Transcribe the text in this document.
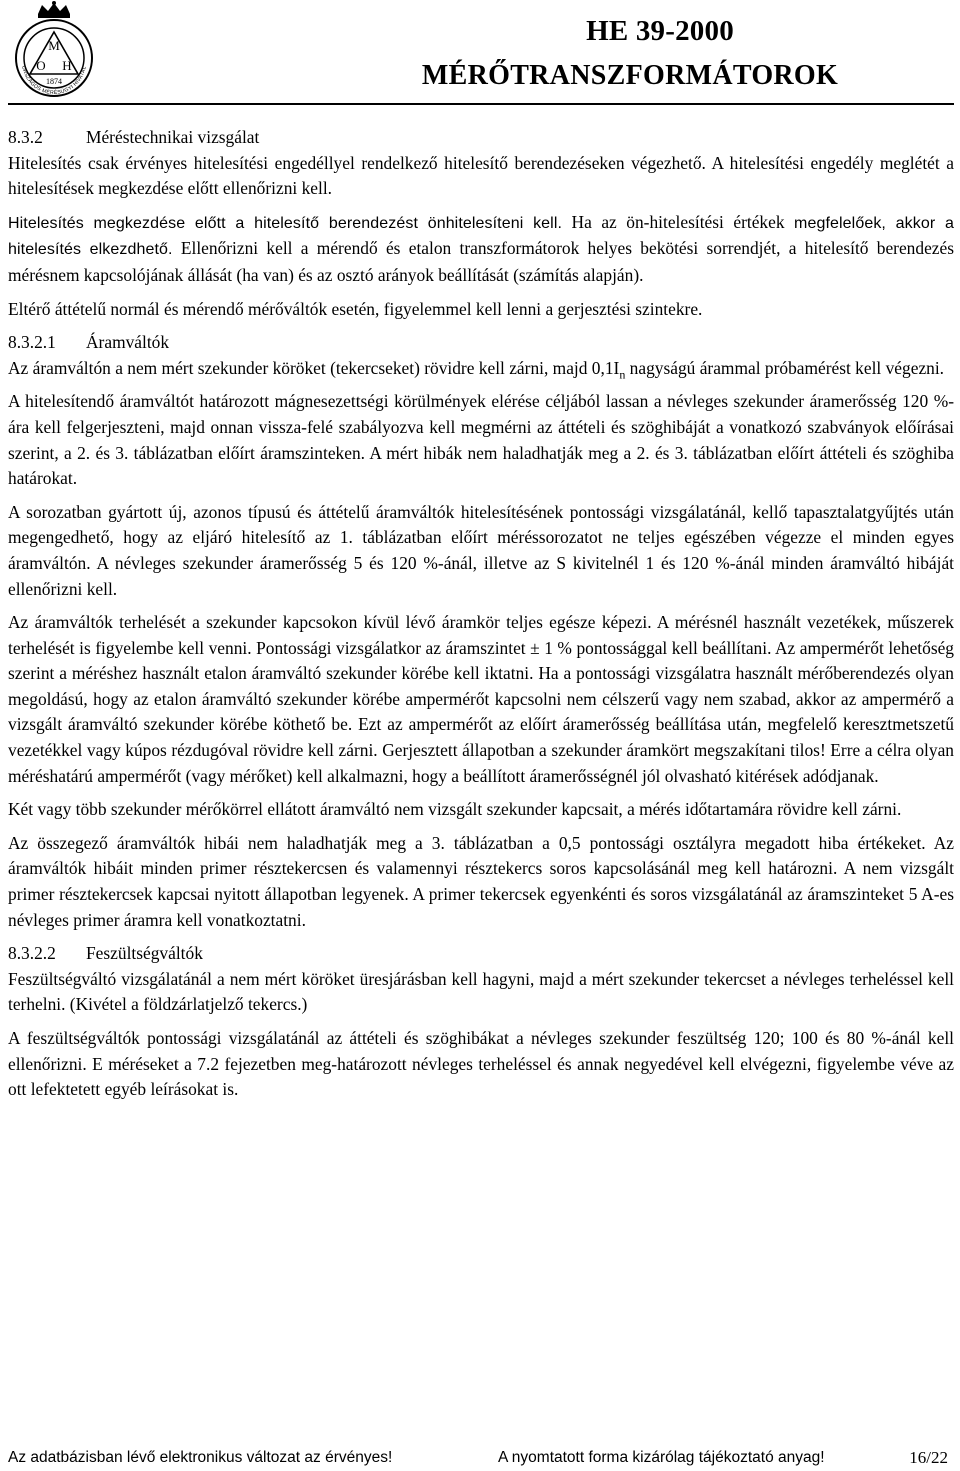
M
O H
1874
ORSZÁGOS MÉRÉSÜGYI HIVATAL
HE 39-2000
MÉRŐTRANSZFORMÁTOROK
8.3.2 Méréstechnikai vizsgálat

Hitelesítés csak érvényes hitelesítési engedéllyel rendelkező hitelesítő berendezéseken végezhető. A hitelesítési engedély meglétét a hitelesítések megkezdése előtt ellenőrizni kell.

Hitelesítés megkezdése előtt a hitelesítő berendezést önhitelesíteni kell. Ha az ön-hitelesítési értékek megfelelőek, akkor a hitelesítés elkezdhető. Ellenőrizni kell a mérendő és etalon transzformátorok helyes bekötési sorrendjét, a hitelesítő berendezés mérésnem kapcsolójának állását (ha van) és az osztó arányok beállítását (számítás alapján).

Eltérő áttételű normál és mérendő mérőváltók esetén, figyelemmel kell lenni a gerjesztési szintekre.

8.3.2.1 Áramváltók

Az áramváltón a nem mért szekunder köröket (tekercseket) rövidre kell zárni, majd $0,1I_n$ nagyságú árammal próbamérést kell végezni.

A hitelesítendő áramváltót határozott mágnesezettségi körülmények elérése céljából lassan a névleges szekunder áramerősség 120 %-ára kell felgerjeszteni, majd onnan vissza-felé szabályozva kell megmérni az áttételi és szöghibáját a vonatkozó szabványok előírásai szerint, a 2. és 3. táblázatban előírt áramszinteken. A mért hibák nem haladhatják meg a 2. és 3. táblázatban előírt áttételi és szöghiba határokat.

A sorozatban gyártott új, azonos típusú és áttételű áramváltók hitelesítésének pontossági vizsgálatánál, kellő tapasztalatgyűjtés után megengedhető, hogy az eljáró hitelesítő az 1. táblázatban előírt méréssorozatot ne teljes egészében végezze el minden egyes áramváltón. A névleges szekunder áramerősség 5 és 120 %-ánál, illetve az S kivitelnél 1 és 120 %-ánál minden áramváltó hibáját ellenőrizni kell.

Az áramváltók terhelését a szekunder kapcsokon kívül lévő áramkör teljes egésze képezi. A mérésnél használt vezetékek, műszerek terhelését is figyelembe kell venni. Pontossági vizsgálatkor az áramszintet ± 1 % pontossággal kell beállítani. Az ampermérőt lehetőség szerint a méréshez használt etalon áramváltó szekunder körébe kell iktatni. Ha a pontossági vizsgálatra használt mérőberendezés olyan megoldású, hogy az etalon áramváltó szekunder körébe ampermérőt kapcsolni nem célszerű vagy nem szabad, akkor az ampermérő a vizsgált áramváltó szekunder körébe köthető be. Ezt az ampermérőt az előírt áramerősség beállítása után, megfelelő keresztmetszetű vezetékkel vagy kúpos rézdugóval rövidre kell zárni. Gerjesztett állapotban a szekunder áramkört megszakítani tilos! Erre a célra olyan méréshatárú ampermérőt (vagy mérőket) kell alkalmazni, hogy a beállított áramerősségnél jól olvasható kitérések adódjanak.

Két vagy több szekunder mérőkörrel ellátott áramváltó nem vizsgált szekunder kapcsait, a mérés időtartamára rövidre kell zárni.

Az összegező áramváltók hibái nem haladhatják meg a 3. táblázatban a 0,5 pontossági osztályra megadott hiba értékeket. Az áramváltók hibáit minden primer résztekercsen és valamennyi résztekercs soros kapcsolásánál meg kell határozni. A nem vizsgált primer résztekercsek kapcsai nyitott állapotban legyenek. A primer tekercsek egyenkénti és soros vizsgálatánál az áramszinteket 5 A-es névleges primer áramra kell vonatkoztatni.

8.3.2.2 Feszültségváltók

Feszültségváltó vizsgálatánál a nem mért köröket üresjárásban kell hagyni, majd a mért szekunder tekercset a névleges terheléssel kell terhelni. (Kivétel a földzárlatjelző tekercs.)

A feszültségváltók pontossági vizsgálatánál az áttételi és szöghibákat a névleges szekunder feszültség 120; 100 és 80 %-ánál kell ellenőrizni. E méréseket a 7.2 fejezetben meg-határozott névleges terheléssel és annak negyedével kell elvégezni, figyelembe véve az ott lefektetett egyéb leírásokat is.

Az adatbázisban lévő elektronikus változat az érvényes!	A nyomtatott forma kizárólag tájékoztató anyag!	16/22
